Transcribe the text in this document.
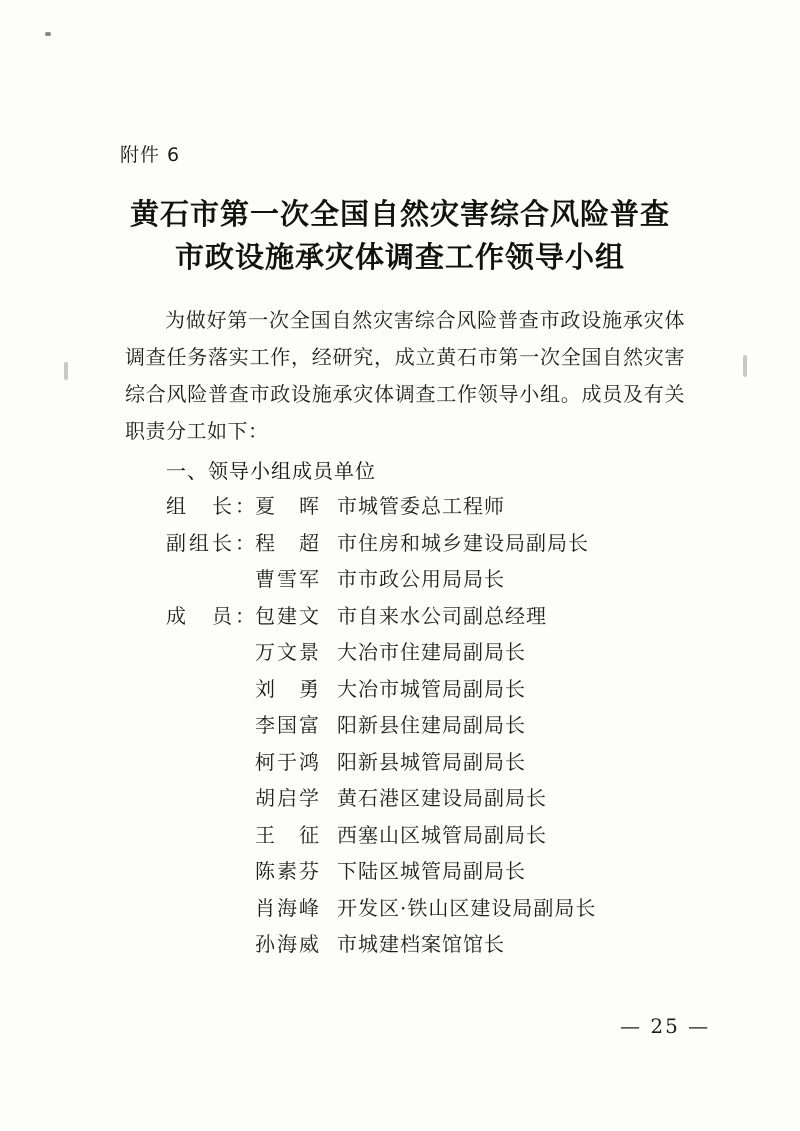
附件 6
黄石市第一次全国自然灾害综合风险普查
市政设施承灾体调查工作领导小组
为做好第一次全国自然灾害综合风险普查市政设施承灾体调查任务落实工作，经研究，成立黄石市第一次全国自然灾害综合风险普查市政设施承灾体调查工作领导小组。成员及有关职责分工如下：
一、领导小组成员单位
组　长：
夏　晖 市城管委总工程师
副组长：
程　超 市住房和城乡建设局副局长
曹雪军 市市政公用局局长
成　员：
包建文 市自来水公司副总经理
万文景 大冶市住建局副局长
刘　勇 大冶市城管局副局长
李国富 阳新县住建局副局长
柯于鸿 阳新县城管局副局长
胡启学 黄石港区建设局副局长
王　征 西塞山区城管局副局长
陈素芬 下陆区城管局副局长
肖海峰 开发区·铁山区建设局副局长
孙海威 市城建档案馆馆长
— 25 —
